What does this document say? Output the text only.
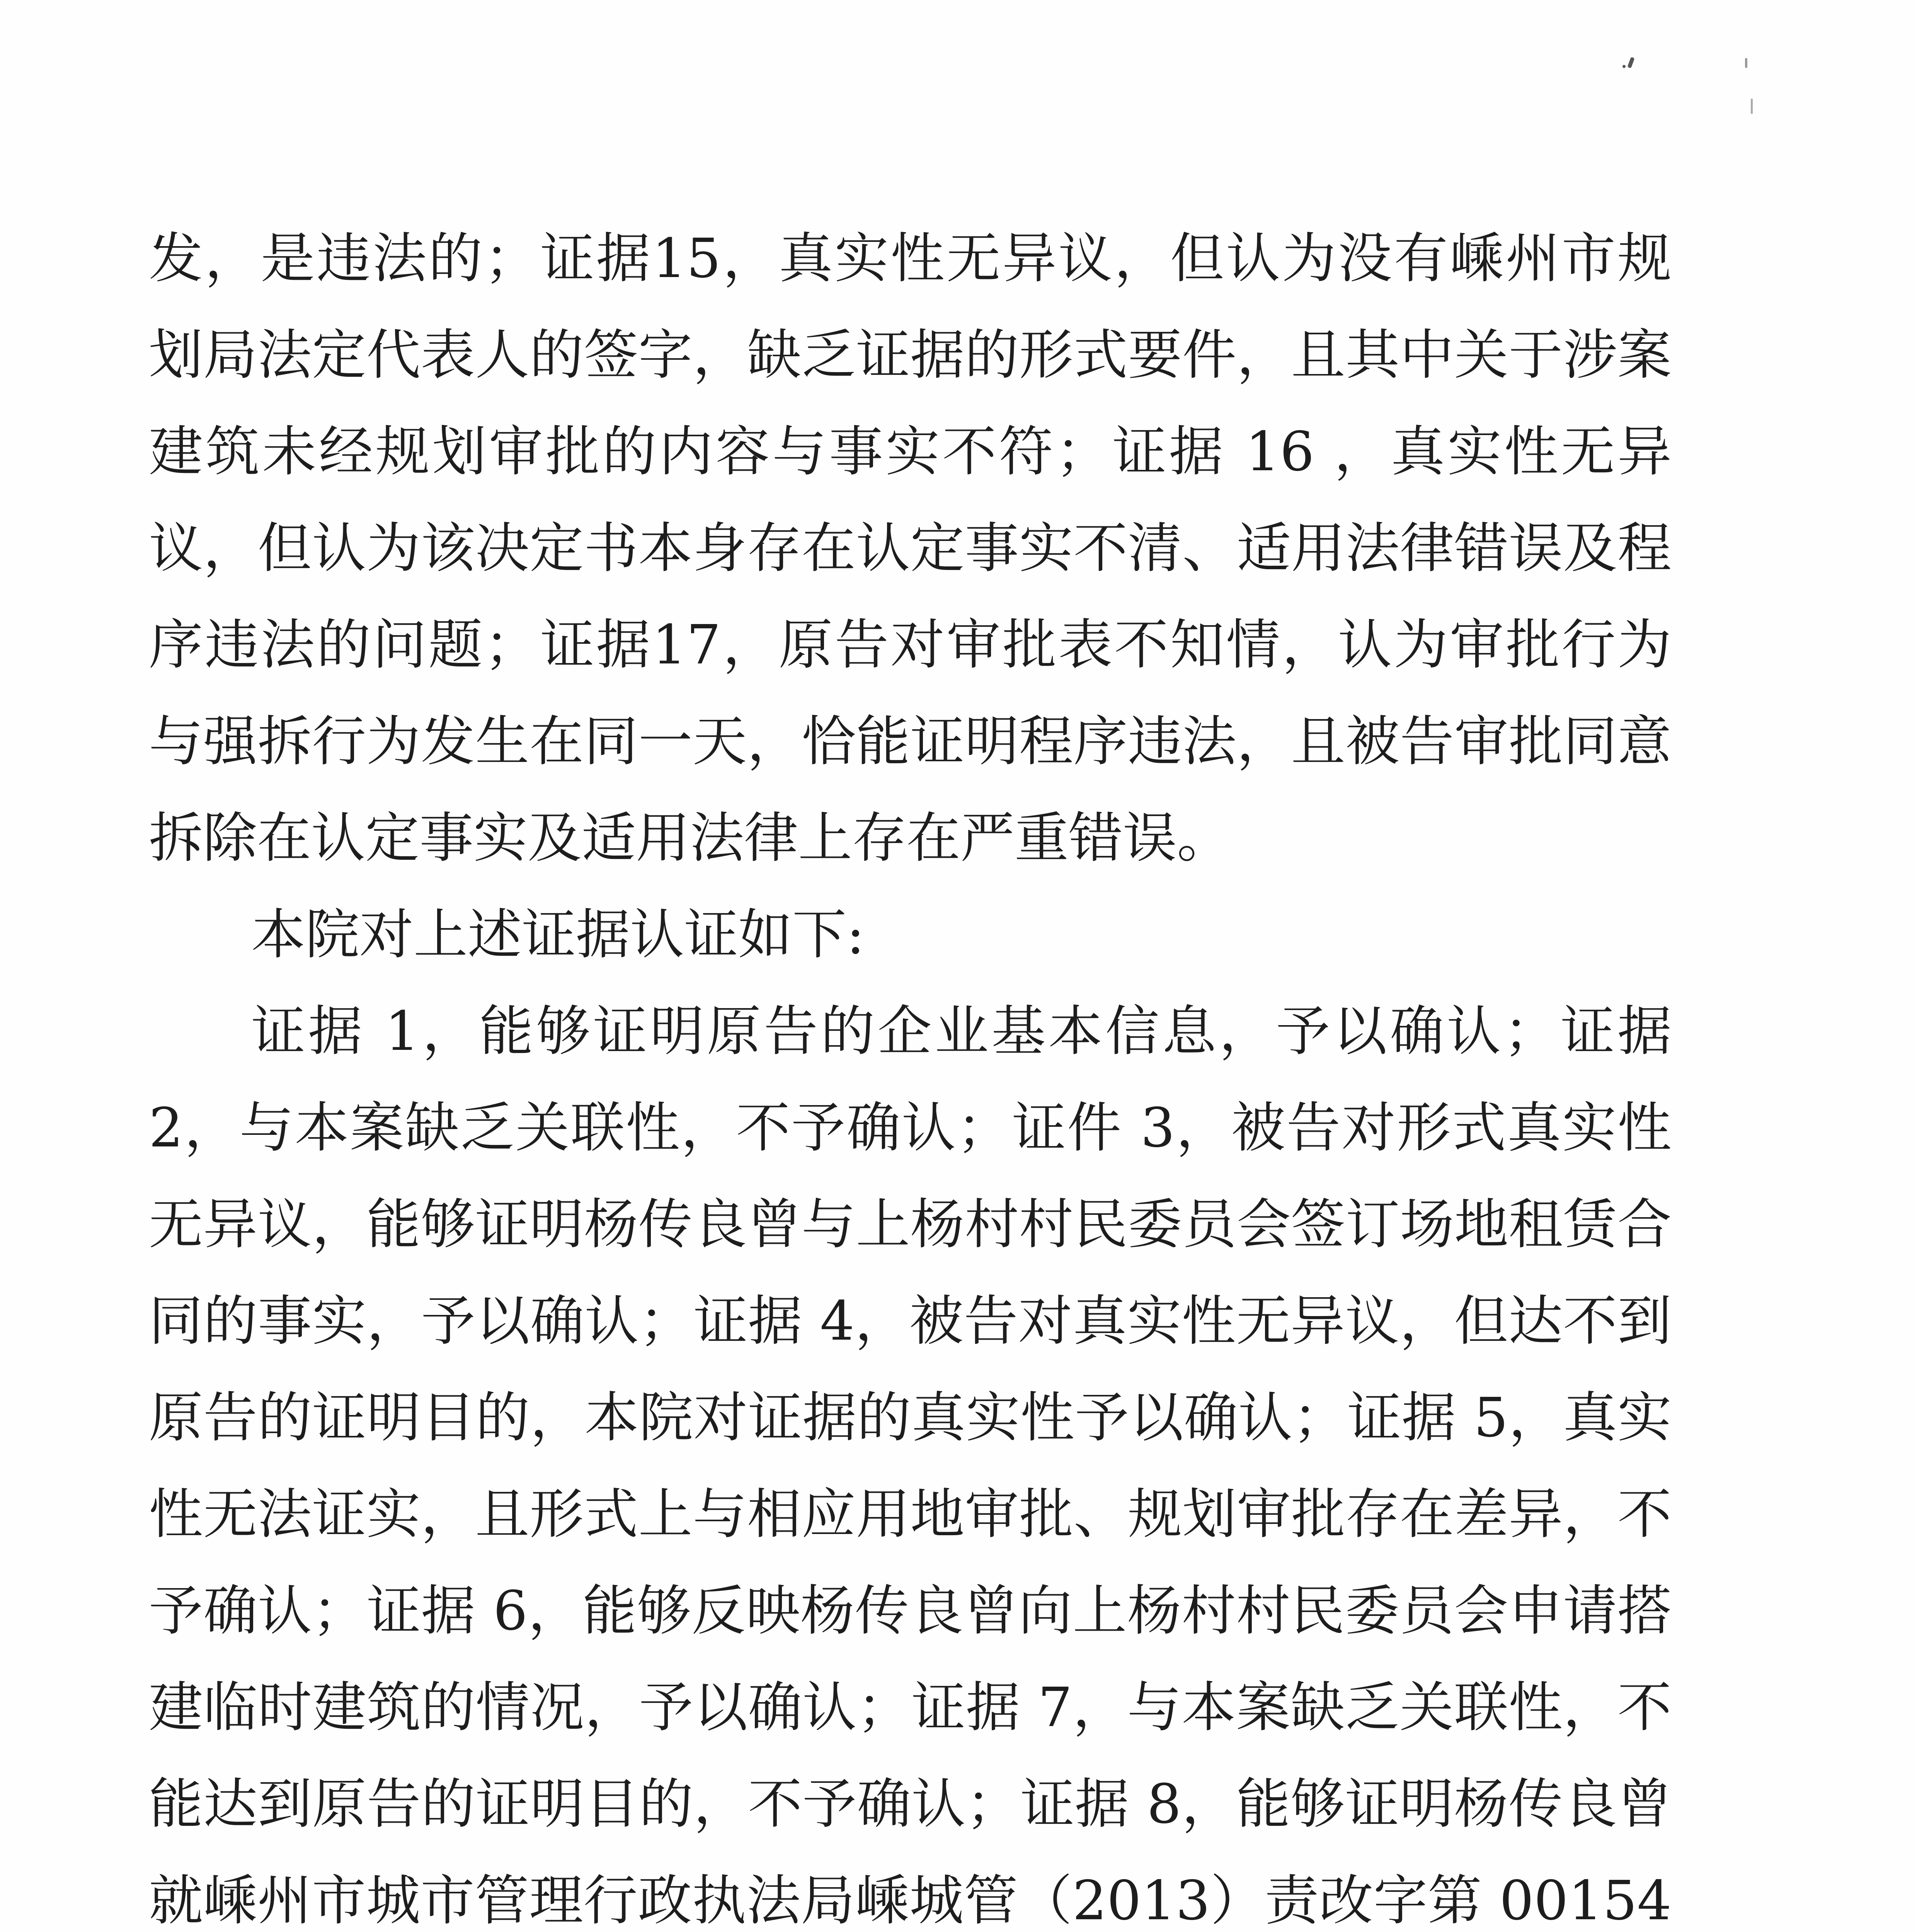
发，是违法的；证据15，真实性无异议，但认为没有嵊州市规划局法定代表人的签字，缺乏证据的形式要件，且其中关于涉案建筑未经规划审批的内容与事实不符；证据 16 ，真实性无异议，但认为该决定书本身存在认定事实不清、适用法律错误及程序违法的问题；证据17，原告对审批表不知情，认为审批行为与强拆行为发生在同一天，恰能证明程序违法，且被告审批同意拆除在认定事实及适用法律上存在严重错误。

本院对上述证据认证如下:

证据 1，能够证明原告的企业基本信息，予以确认；证据 2，与本案缺乏关联性，不予确认；证件 3，被告对形式真实性无异议，能够证明杨传良曾与上杨村村民委员会签订场地租赁合同的事实，予以确认；证据 4，被告对真实性无异议，但达不到原告的证明目的，本院对证据的真实性予以确认；证据 5，真实性无法证实，且形式上与相应用地审批、规划审批存在差异，不予确认；证据 6，能够反映杨传良曾向上杨村村民委员会申请搭建临时建筑的情况，予以确认；证据 7，与本案缺乏关联性，不能达到原告的证明目的，不予确认；证据 8，能够证明杨传良曾就嵊州市城市管理行政执法局嵊城管（2013）责改字第 00154
